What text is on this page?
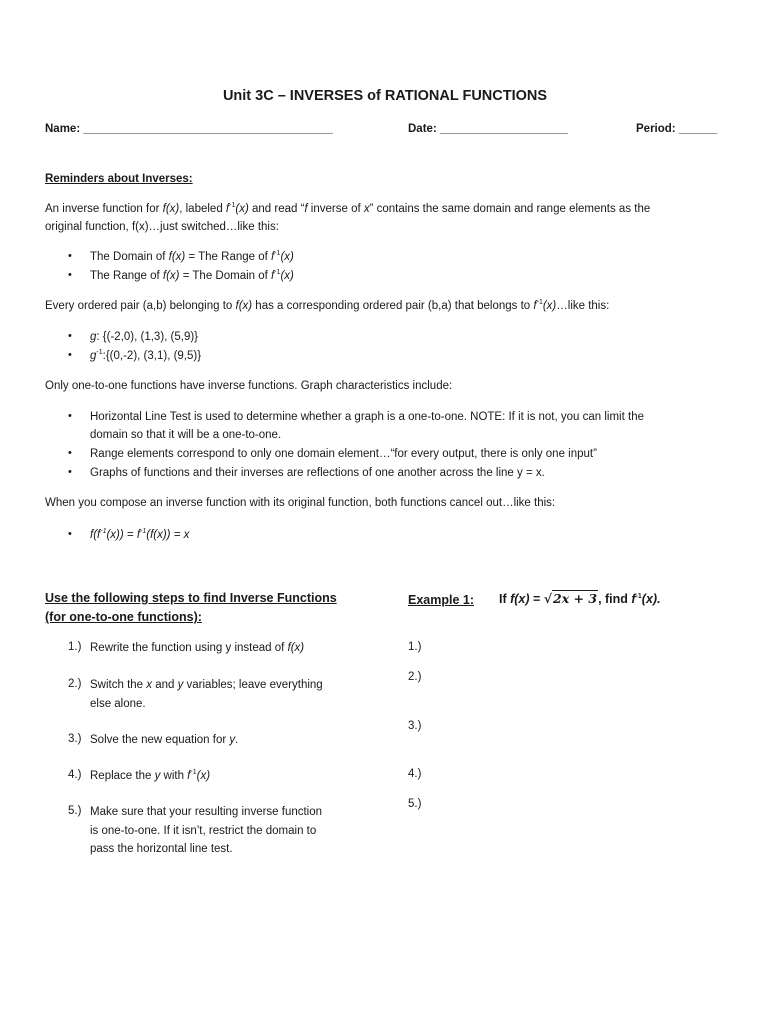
Unit 3C – INVERSES of RATIONAL FUNCTIONS
Name: _______________________________________	Date: ____________________	Period: ______
Reminders about Inverses:
An inverse function for f(x), labeled $f^{-1}(x)$ and read “f inverse of x” contains the same domain and range elements as the
original function, f(x)…just switched…like this:
• The Domain of f(x) = The Range of $f^{-1}(x)$
• The Range of f(x) = The Domain of $f^{-1}(x)$
Every ordered pair (a,b) belonging to f(x) has a corresponding ordered pair (b,a) that belongs to $f^{-1}(x)\dots like$ this:
• g: {(-2,0), (1,3), (5,9)}
• $g^{-1}:\{(0,-2)$, (3,1), (9,5)}
Only one-to-one functions have inverse functions. Graph characteristics include:
• Horizontal Line Test is used to determine whether a graph is a one-to-one. NOTE: If it is not, you can limit the
domain so that it will be a one-to-one.
• Range elements correspond to only one domain element…“for every output, there is only one input”
• Graphs of functions and their inverses are reflections of one another across the line y = x.
When you compose an inverse function with its original function, both functions cancel out…like this:
• $f(f^{-1}(x)) = f^{-1}(f(x)) = x$
Use the following steps to find Inverse Functions
(for one-to-one functions):
1.) Rewrite the function using y instead of f(x)
2.) Switch the x and y variables; leave everything
else alone.
3.) Solve the new equation for y.
4.) Replace the y with $f^{-1}(x)$
5.) Make sure that your resulting inverse function
is one-to-one. If it isn’t, restrict the domain to
pass the horizontal line test.
Example 1: If f(x) = √2x + 3, find $f^{-1}(x)$.
1.)
2.)
3.)
4.)
5.)
